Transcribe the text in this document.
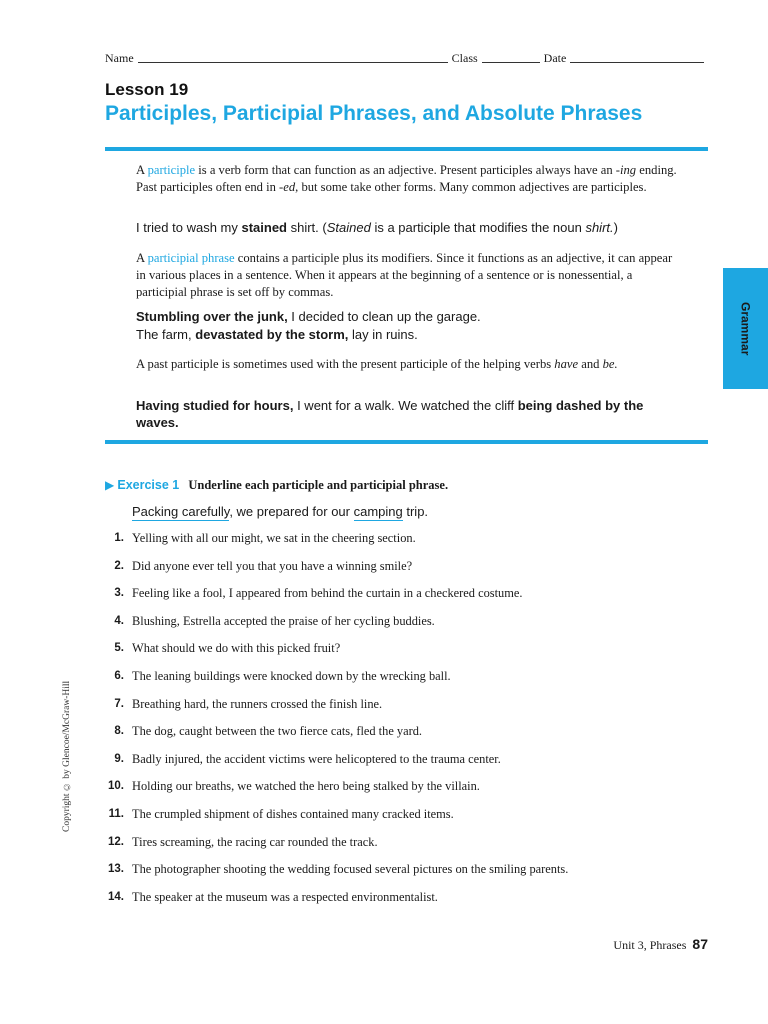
Name	Class	Date
Lesson 19
Participles, Participial Phrases, and Absolute Phrases
A participle is a verb form that can function as an adjective. Present participles always have an -ing ending. Past participles often end in -ed, but some take other forms. Many common adjectives are participles.
I tried to wash my stained shirt. (Stained is a participle that modifies the noun shirt.)
A participial phrase contains a participle plus its modifiers. Since it functions as an adjective, it can appear in various places in a sentence. When it appears at the beginning of a sentence or is nonessential, a participial phrase is set off by commas.
Stumbling over the junk, I decided to clean up the garage.
The farm, devastated by the storm, lay in ruins.
A past participle is sometimes used with the present participle of the helping verbs have and be.
Having studied for hours, I went for a walk. We watched the cliff being dashed by the waves.
Grammar
Copyright © by Glencoe/McGraw-Hill
▶ Exercise 1 Underline each participle and participial phrase.
Packing carefully, we prepared for our camping trip.
1. Yelling with all our might, we sat in the cheering section.
2. Did anyone ever tell you that you have a winning smile?
3. Feeling like a fool, I appeared from behind the curtain in a checkered costume.
4. Blushing, Estrella accepted the praise of her cycling buddies.
5. What should we do with this picked fruit?
6. The leaning buildings were knocked down by the wrecking ball.
7. Breathing hard, the runners crossed the finish line.
8. The dog, caught between the two fierce cats, fled the yard.
9. Badly injured, the accident victims were helicoptered to the trauma center.
10. Holding our breaths, we watched the hero being stalked by the villain.
11. The crumpled shipment of dishes contained many cracked items.
12. Tires screaming, the racing car rounded the track.
13. The photographer shooting the wedding focused several pictures on the smiling parents.
14. The speaker at the museum was a respected environmentalist.
Unit 3, Phrases 87
